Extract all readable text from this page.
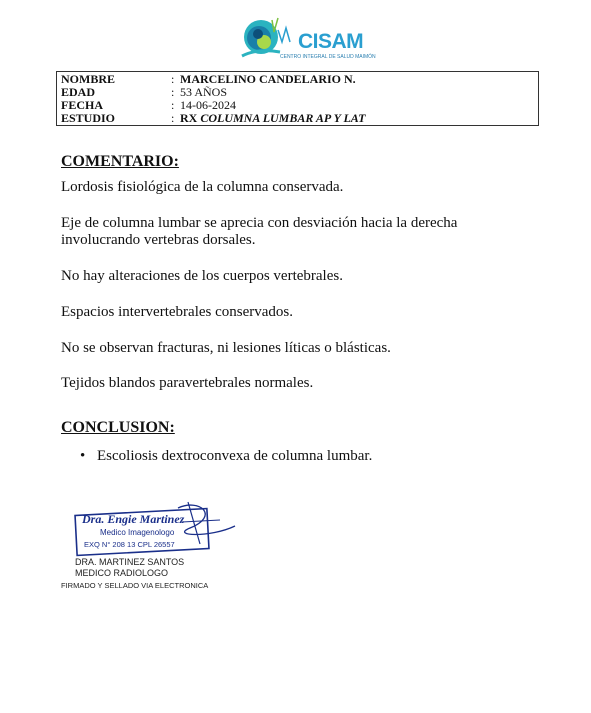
CISAM
CENTRO INTEGRAL DE SALUD MAIMÓN
NOMBRE	: MARCELINO CANDELARIO N.
EDAD	: 53 AÑOS
FECHA	: 14-06-2024
ESTUDIO	: RX COLUMNA LUMBAR AP Y LAT
COMENTARIO:
Lordosis fisiológica de la columna conservada.
Eje de columna lumbar se aprecia con desviación hacia la derecha involucrando vertebras dorsales.
No hay alteraciones de los cuerpos vertebrales.
Espacios intervertebrales conservados.
No se observan fracturas, ni lesiones líticas o blásticas.
Tejidos blandos paravertebrales normales.
CONCLUSION:
• Escoliosis dextroconvexa de columna lumbar.
Dra. Engie Martinez
Medico Imagenologo
EXQ N° 208 13 CPL 26557
DRA. MARTINEZ SANTOS
MEDICO RADIOLOGO
FIRMADO Y SELLADO VIA ELECTRONICA
